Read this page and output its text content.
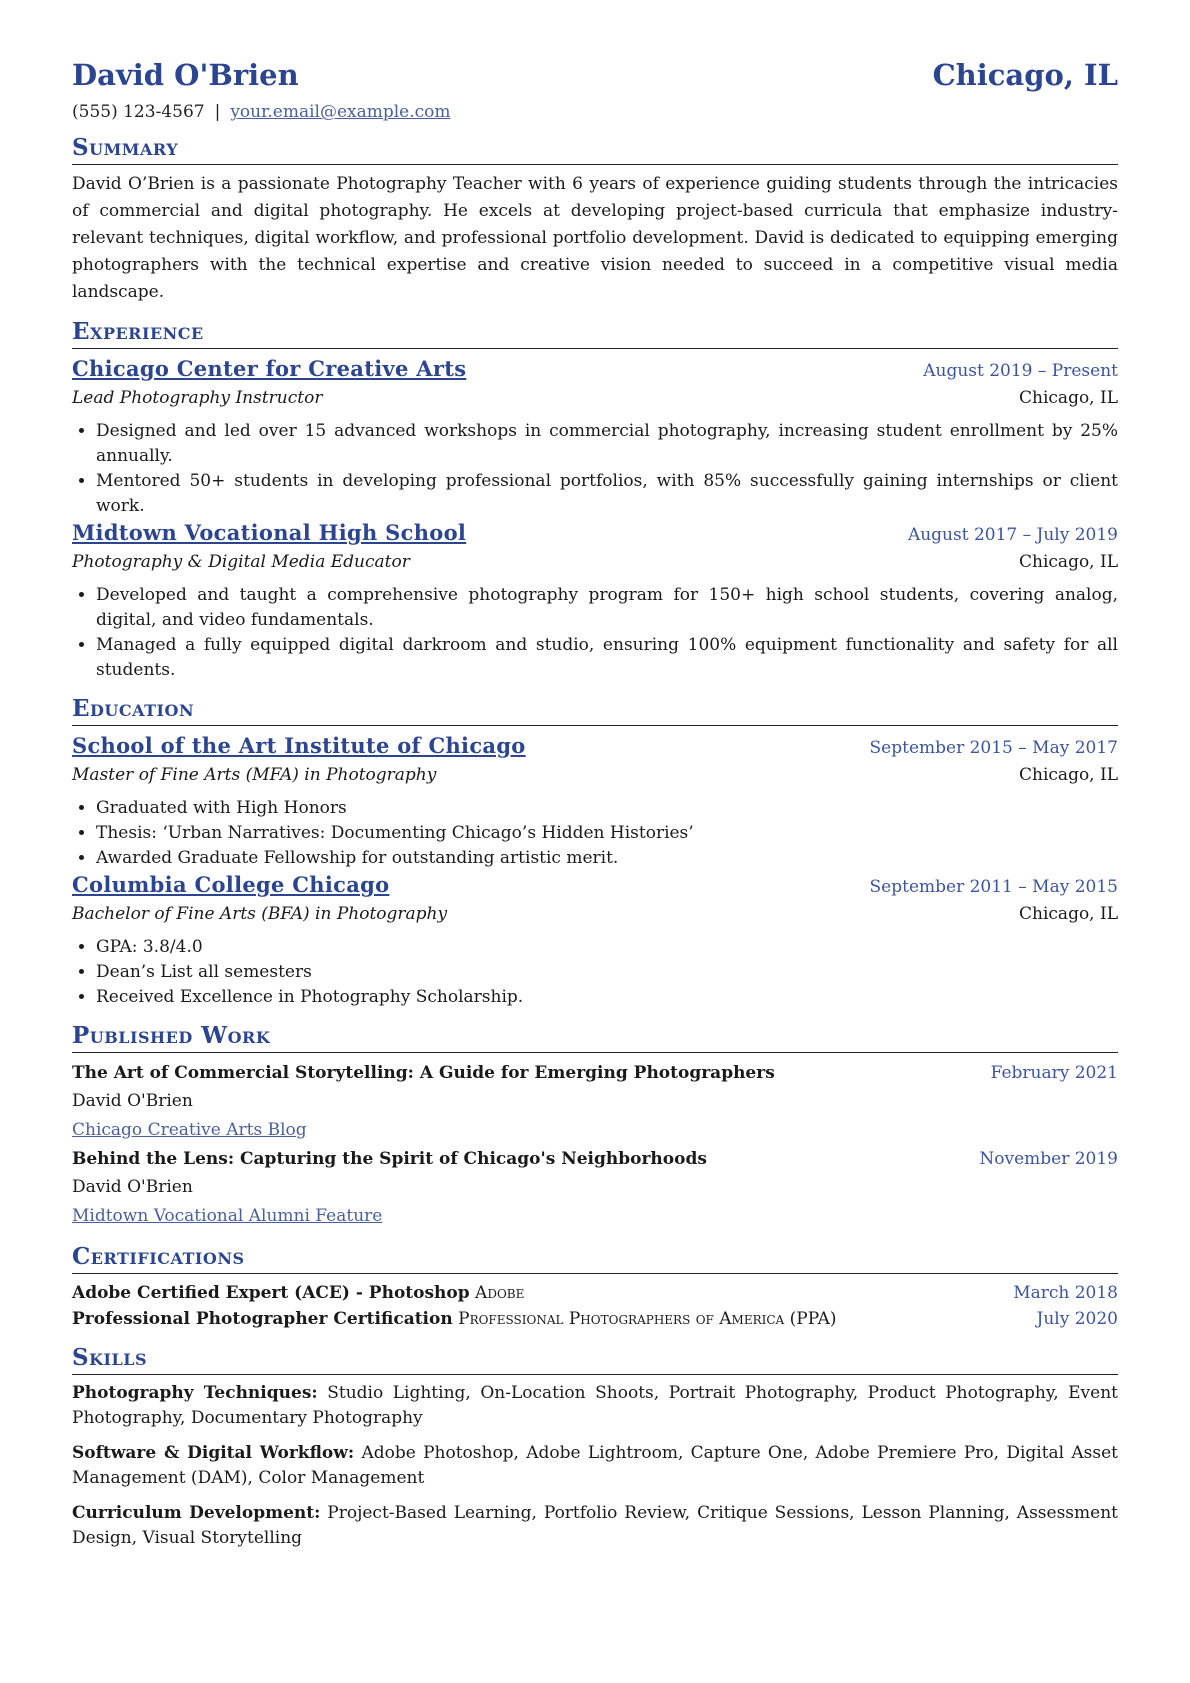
David O'Brien	Chicago, IL
(555) 123-4567 | your.email@example.com
Summary
David O’Brien is a passionate Photography Teacher with 6 years of experience guiding students through the intricacies of commercial and digital photography. He excels at developing project-based curricula that emphasize industry-relevant techniques, digital workflow, and professional portfolio development. David is dedicated to equipping emerging photographers with the technical expertise and creative vision needed to succeed in a competitive visual media landscape.
Experience
Chicago Center for Creative Arts	August 2019 – Present
Lead Photography Instructor	Chicago, IL
• Designed and led over 15 advanced workshops in commercial photography, increasing student enrollment by 25% annually.
• Mentored 50+ students in developing professional portfolios, with 85% successfully gaining internships or client work.
Midtown Vocational High School	August 2017 – July 2019
Photography & Digital Media Educator	Chicago, IL
• Developed and taught a comprehensive photography program for 150+ high school students, covering analog, digital, and video fundamentals.
• Managed a fully equipped digital darkroom and studio, ensuring 100% equipment functionality and safety for all students.
Education
School of the Art Institute of Chicago	September 2015 – May 2017
Master of Fine Arts (MFA) in Photography	Chicago, IL
• Graduated with High Honors
• Thesis: ‘Urban Narratives: Documenting Chicago’s Hidden Histories’
• Awarded Graduate Fellowship for outstanding artistic merit.
Columbia College Chicago	September 2011 – May 2015
Bachelor of Fine Arts (BFA) in Photography	Chicago, IL
• GPA: 3.8/4.0
• Dean’s List all semesters
• Received Excellence in Photography Scholarship.
Published Work
The Art of Commercial Storytelling: A Guide for Emerging Photographers	February 2021
David O'Brien
Chicago Creative Arts Blog
Behind the Lens: Capturing the Spirit of Chicago's Neighborhoods	November 2019
David O'Brien
Midtown Vocational Alumni Feature
Certifications
Adobe Certified Expert (ACE) - Photoshop Adobe	March 2018
Professional Photographer Certification Professional Photographers of America (PPA)	July 2020
Skills
Photography Techniques: Studio Lighting, On-Location Shoots, Portrait Photography, Product Photography, Event Photography, Documentary Photography
Software & Digital Workflow: Adobe Photoshop, Adobe Lightroom, Capture One, Adobe Premiere Pro, Digital Asset Management (DAM), Color Management
Curriculum Development: Project-Based Learning, Portfolio Review, Critique Sessions, Lesson Planning, Assessment Design, Visual Storytelling
